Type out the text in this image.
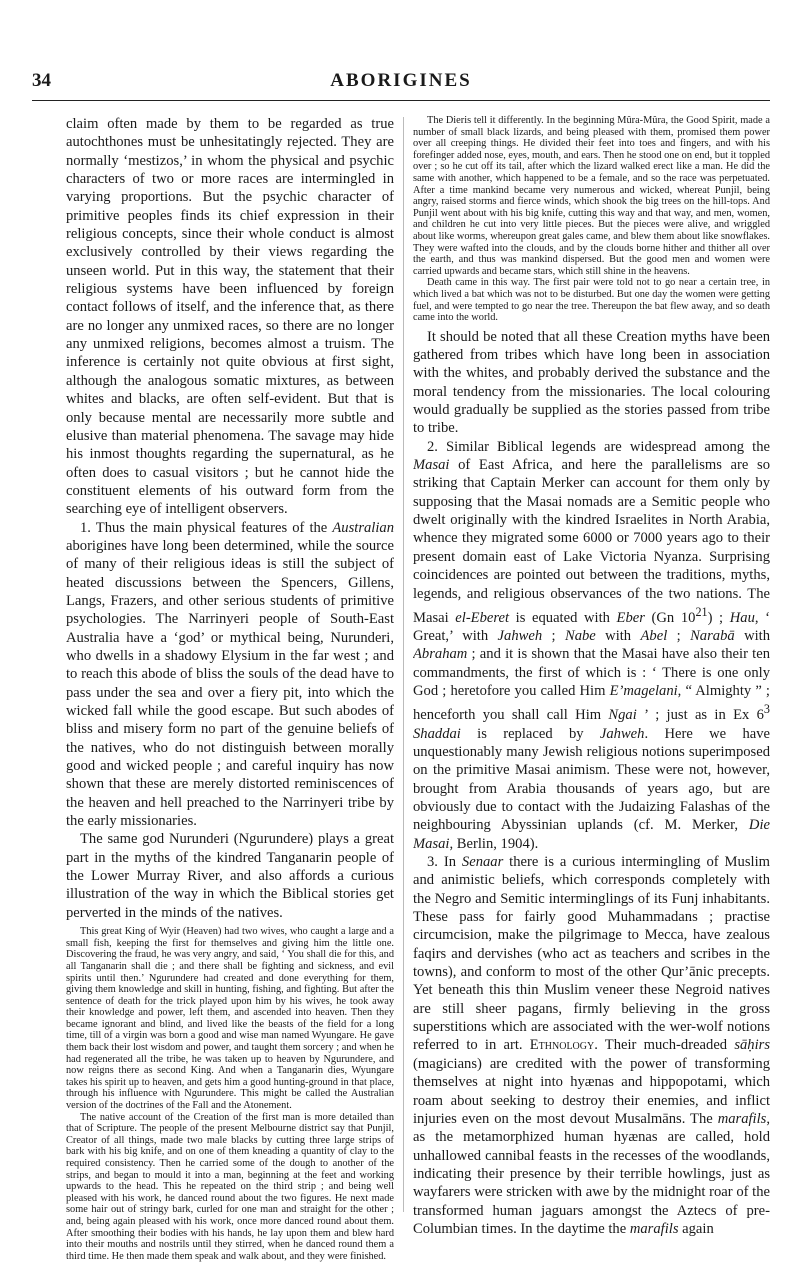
34	ABORIGINES

claim often made by them to be regarded as true autochthones must be unhesitatingly rejected. They are normally ‘mestizos,’ in whom the physical and psychic characters of two or more races are intermingled in varying proportions. But the psychic character of primitive peoples finds its chief expression in their religious concepts, since their whole conduct is almost exclusively controlled by their views regarding the unseen world. Put in this way, the statement that their religious systems have been influenced by foreign contact follows of itself, and the inference that, as there are no longer any unmixed races, so there are no longer any unmixed religions, becomes almost a truism. The inference is certainly not quite obvious at first sight, although the analogous somatic mixtures, as between whites and blacks, are often self-evident. But that is only because mental are necessarily more subtle and elusive than material phenomena. The savage may hide his inmost thoughts regarding the supernatural, as he often does to casual visitors ; but he cannot hide the constituent elements of his outward form from the searching eye of intelligent observers.

1. Thus the main physical features of the Australian aborigines have long been determined, while the source of many of their religious ideas is still the subject of heated discussions between the Spencers, Gillens, Langs, Frazers, and other serious students of primitive psychologies. The Narrinyeri people of South-East Australia have a ‘god’ or mythical being, Nurunderi, who dwells in a shadowy Elysium in the far west ; and to reach this abode of bliss the souls of the dead have to pass under the sea and over a fiery pit, into which the wicked fall while the good escape. But such abodes of bliss and misery form no part of the genuine beliefs of the natives, who do not distinguish between morally good and wicked people ; and careful inquiry has now shown that these are merely distorted reminiscences of the heaven and hell preached to the Narrinyeri tribe by the early missionaries.

The same god Nurunderi (Ngurundere) plays a great part in the myths of the kindred Tanganarin people of the Lower Murray River, and also affords a curious illustration of the way in which the Biblical stories get perverted in the minds of the natives.

This great King of Wyir (Heaven) had two wives, who caught a large and a small fish, keeping the first for themselves and giving him the little one. Discovering the fraud, he was very angry, and said, ‘ You shall die for this, and all Tanganarin shall die ; and there shall be fighting and sickness, and evil spirits until then.’ Ngurundere had created and done everything for them, giving them knowledge and skill in hunting, fishing, and fighting. But after the sentence of death for the trick played upon him by his wives, he took away their knowledge and power, left them, and ascended into heaven. Then they became ignorant and blind, and lived like the beasts of the field for a long time, till of a virgin was born a good and wise man named Wyungare. He gave them back their lost wisdom and power, and taught them sorcery ; and when he had regenerated all the tribe, he was taken up to heaven by Ngurundere, and now reigns there as second King. And when a Tanganarin dies, Wyungare takes his spirit up to heaven, and gets him a good hunting-ground in that place, through his influence with Ngurundere. This might be called the Australian version of the doctrines of the Fall and the Atonement.

The native account of the Creation of the first man is more detailed than that of Scripture. The people of the present Melbourne district say that Punjil, Creator of all things, made two male blacks by cutting three large strips of bark with his big knife, and on one of them kneading a quantity of clay to the required consistency. Then he carried some of the dough to another of the strips, and began to mould it into a man, beginning at the feet and working upwards to the head. This he repeated on the third strip ; and being well pleased with his work, he danced round about the two figures. He next made some hair out of stringy bark, curled for one man and straight for the other ; and, being again pleased with his work, once more danced round about them. After smoothing their bodies with his hands, he lay upon them and blew hard into their mouths and nostrils until they stirred, when he danced round them a third time. He then made them speak and walk about, and they were finished.

The Dieris tell it differently. In the beginning Mûra-Mûra, the Good Spirit, made a number of small black lizards, and being pleased with them, promised them power over all creeping things. He divided their feet into toes and fingers, and with his forefinger added nose, eyes, mouth, and ears. Then he stood one on end, but it toppled over ; so he cut off its tail, after which the lizard walked erect like a man. He did the same with another, which happened to be a female, and so the race was perpetuated. After a time mankind became very numerous and wicked, whereat Punjil, being angry, raised storms and fierce winds, which shook the big trees on the hill-tops. And Punjil went about with his big knife, cutting this way and that way, and men, women, and children he cut into very little pieces. But the pieces were alive, and wriggled about like worms, whereupon great gales came, and blew them about like snowflakes. They were wafted into the clouds, and by the clouds borne hither and thither all over the earth, and thus was mankind dispersed. But the good men and women were carried upwards and became stars, which still shine in the heavens.

Death came in this way. The first pair were told not to go near a certain tree, in which lived a bat which was not to be disturbed. But one day the women were getting fuel, and were tempted to go near the tree. Thereupon the bat flew away, and so death came into the world.

It should be noted that all these Creation myths have been gathered from tribes which have long been in association with the whites, and probably derived the substance and the moral tendency from the missionaries. The local colouring would gradually be supplied as the stories passed from tribe to tribe.

2. Similar Biblical legends are widespread among the Masai of East Africa, and here the parallelisms are so striking that Captain Merker can account for them only by supposing that the Masai nomads are a Semitic people who dwelt originally with the kindred Israelites in North Arabia, whence they migrated some 6000 or 7000 years ago to their present domain east of Lake Victoria Nyanza. Surprising coincidences are pointed out between the traditions, myths, legends, and religious observances of the two nations. The Masai el-Eberet is equated with Eber (Gn $10^{21}$) ; Hau, ‘ Great,’ with Jahweh ; Nabe with Abel ; Narabā with Abraham ; and it is shown that the Masai have also their ten commandments, the first of which is : ‘ There is one only God ; heretofore you called Him E’magelani, “ Almighty ” ; henceforth you shall call Him Ngai ’ ; just as in Ex $6^3$ Shaddai is replaced by Jahweh. Here we have unquestionably many Jewish religious notions superimposed on the primitive Masai animism. These were not, however, brought from Arabia thousands of years ago, but are obviously due to contact with the Judaizing Falashas of the neighbouring Abyssinian uplands (cf. M. Merker, Die Masai, Berlin, 1904).

3. In Senaar there is a curious intermingling of Muslim and animistic beliefs, which corresponds completely with the Negro and Semitic interminglings of its Funj inhabitants. These pass for fairly good Muhammadans ; practise circumcision, make the pilgrimage to Mecca, have zealous faqirs and dervishes (who act as teachers and scribes in the towns), and conform to most of the other Qur’ānic precepts. Yet beneath this thin Muslim veneer these Negroid natives are still sheer pagans, firmly believing in the gross superstitions which are associated with the wer-wolf notions referred to in art. Ethnology. Their much-dreaded sāḥirs (magicians) are credited with the power of transforming themselves at night into hyænas and hippopotami, which roam about seeking to destroy their enemies, and inflict injuries even on the most devout Musalmāns. The marafils, as the metamorphized human hyænas are called, hold unhallowed cannibal feasts in the recesses of the woodlands, indicating their presence by their terrible howlings, just as wayfarers were stricken with awe by the midnight roar of the transformed human jaguars amongst the Aztecs of pre-Columbian times. In the daytime the marafils again
